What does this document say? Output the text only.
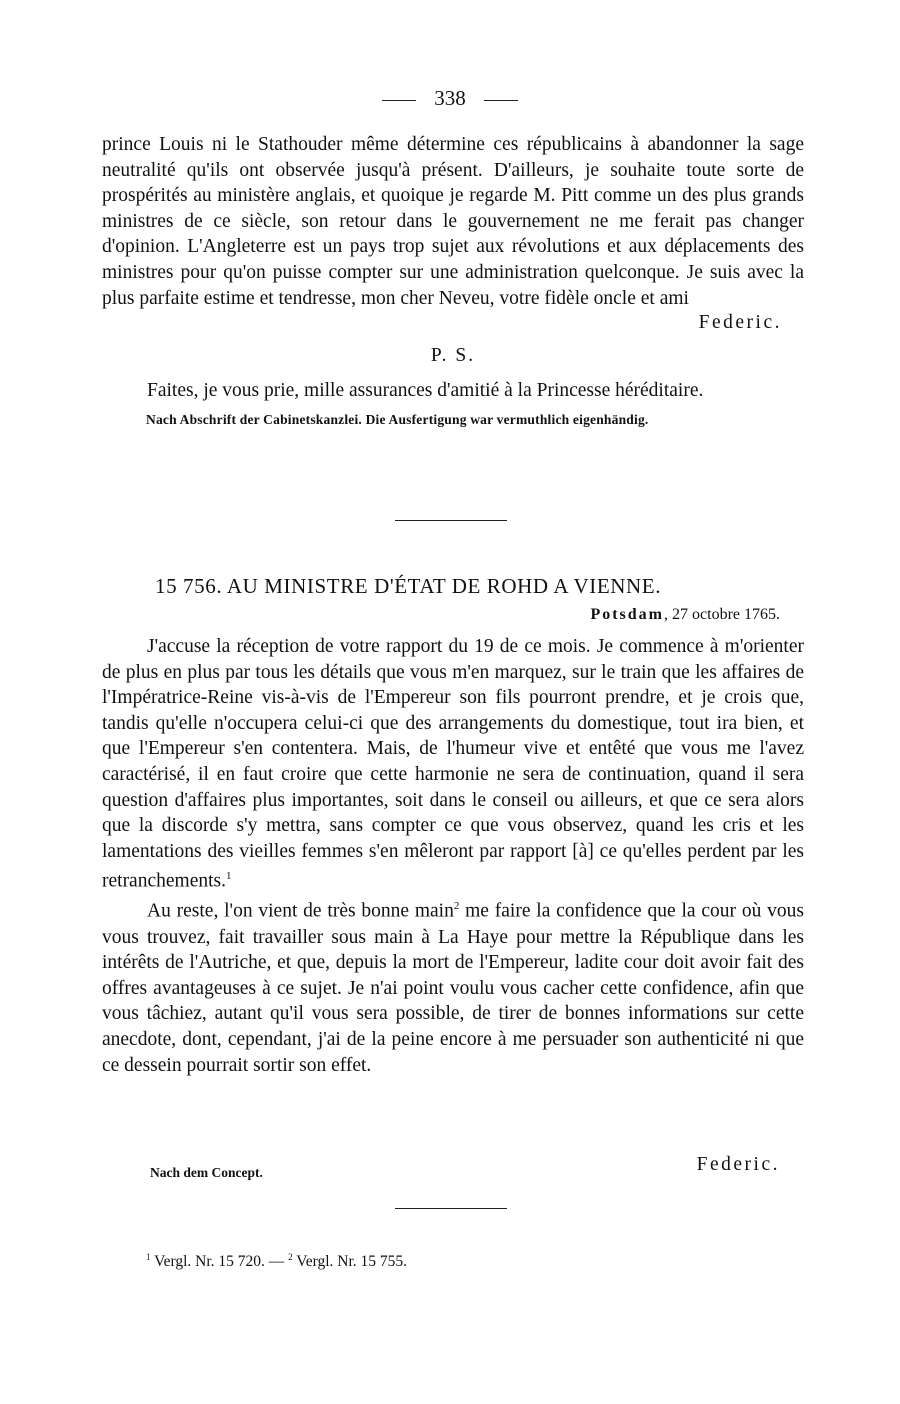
338

prince Louis ni le Stathouder même détermine ces républicains à abandonner la sage neutralité qu'ils ont observée jusqu'à présent. D'ailleurs, je souhaite toute sorte de prospérités au ministère anglais, et quoique je regarde M. Pitt comme un des plus grands ministres de ce siècle, son retour dans le gouvernement ne me ferait pas changer d'opinion. L'Angleterre est un pays trop sujet aux révolutions et aux déplacements des ministres pour qu'on puisse compter sur une administration quelconque. Je suis avec la plus parfaite estime et tendresse, mon cher Neveu, votre fidèle oncle et ami

Federic.
P. S.

Faites, je vous prie, mille assurances d'amitié à la Princesse héréditaire.

Nach Abschrift der Cabinetskanzlei. Die Ausfertigung war vermuthlich eigenhändig.
15 756. AU MINISTRE D'ÉTAT DE ROHD A VIENNE.
Potsdam, 27 octobre 1765.

J'accuse la réception de votre rapport du 19 de ce mois. Je commence à m'orienter de plus en plus par tous les détails que vous m'en marquez, sur le train que les affaires de l'Impératrice-Reine vis-à-vis de l'Empereur son fils pourront prendre, et je crois que, tandis qu'elle n'occupera celui-ci que des arrangements du domestique, tout ira bien, et que l'Empereur s'en contentera. Mais, de l'humeur vive et entêté que vous me l'avez caractérisé, il en faut croire que cette harmonie ne sera de continuation, quand il sera question d'affaires plus importantes, soit dans le conseil ou ailleurs, et que ce sera alors que la discorde s'y mettra, sans compter ce que vous observez, quand les cris et les lamentations des vieilles femmes s'en mêleront par rapport [à] ce qu'elles perdent par les retranchements.$^1$

Au reste, l'on vient de très bonne main$^2$ me faire la confidence que la cour où vous vous trouvez, fait travailler sous main à La Haye pour mettre la République dans les intérêts de l'Autriche, et que, depuis la mort de l'Empereur, ladite cour doit avoir fait des offres avantageuses à ce sujet. Je n'ai point voulu vous cacher cette confidence, afin que vous tâchiez, autant qu'il vous sera possible, de tirer de bonnes informations sur cette anecdote, dont, cependant, j'ai de la peine encore à me persuader son authenticité ni que ce dessein pourrait sortir son effet.

Nach dem Concept.	Federic.
$^1$ Vergl. Nr. 15 720. — $^2$ Vergl. Nr. 15 755.
